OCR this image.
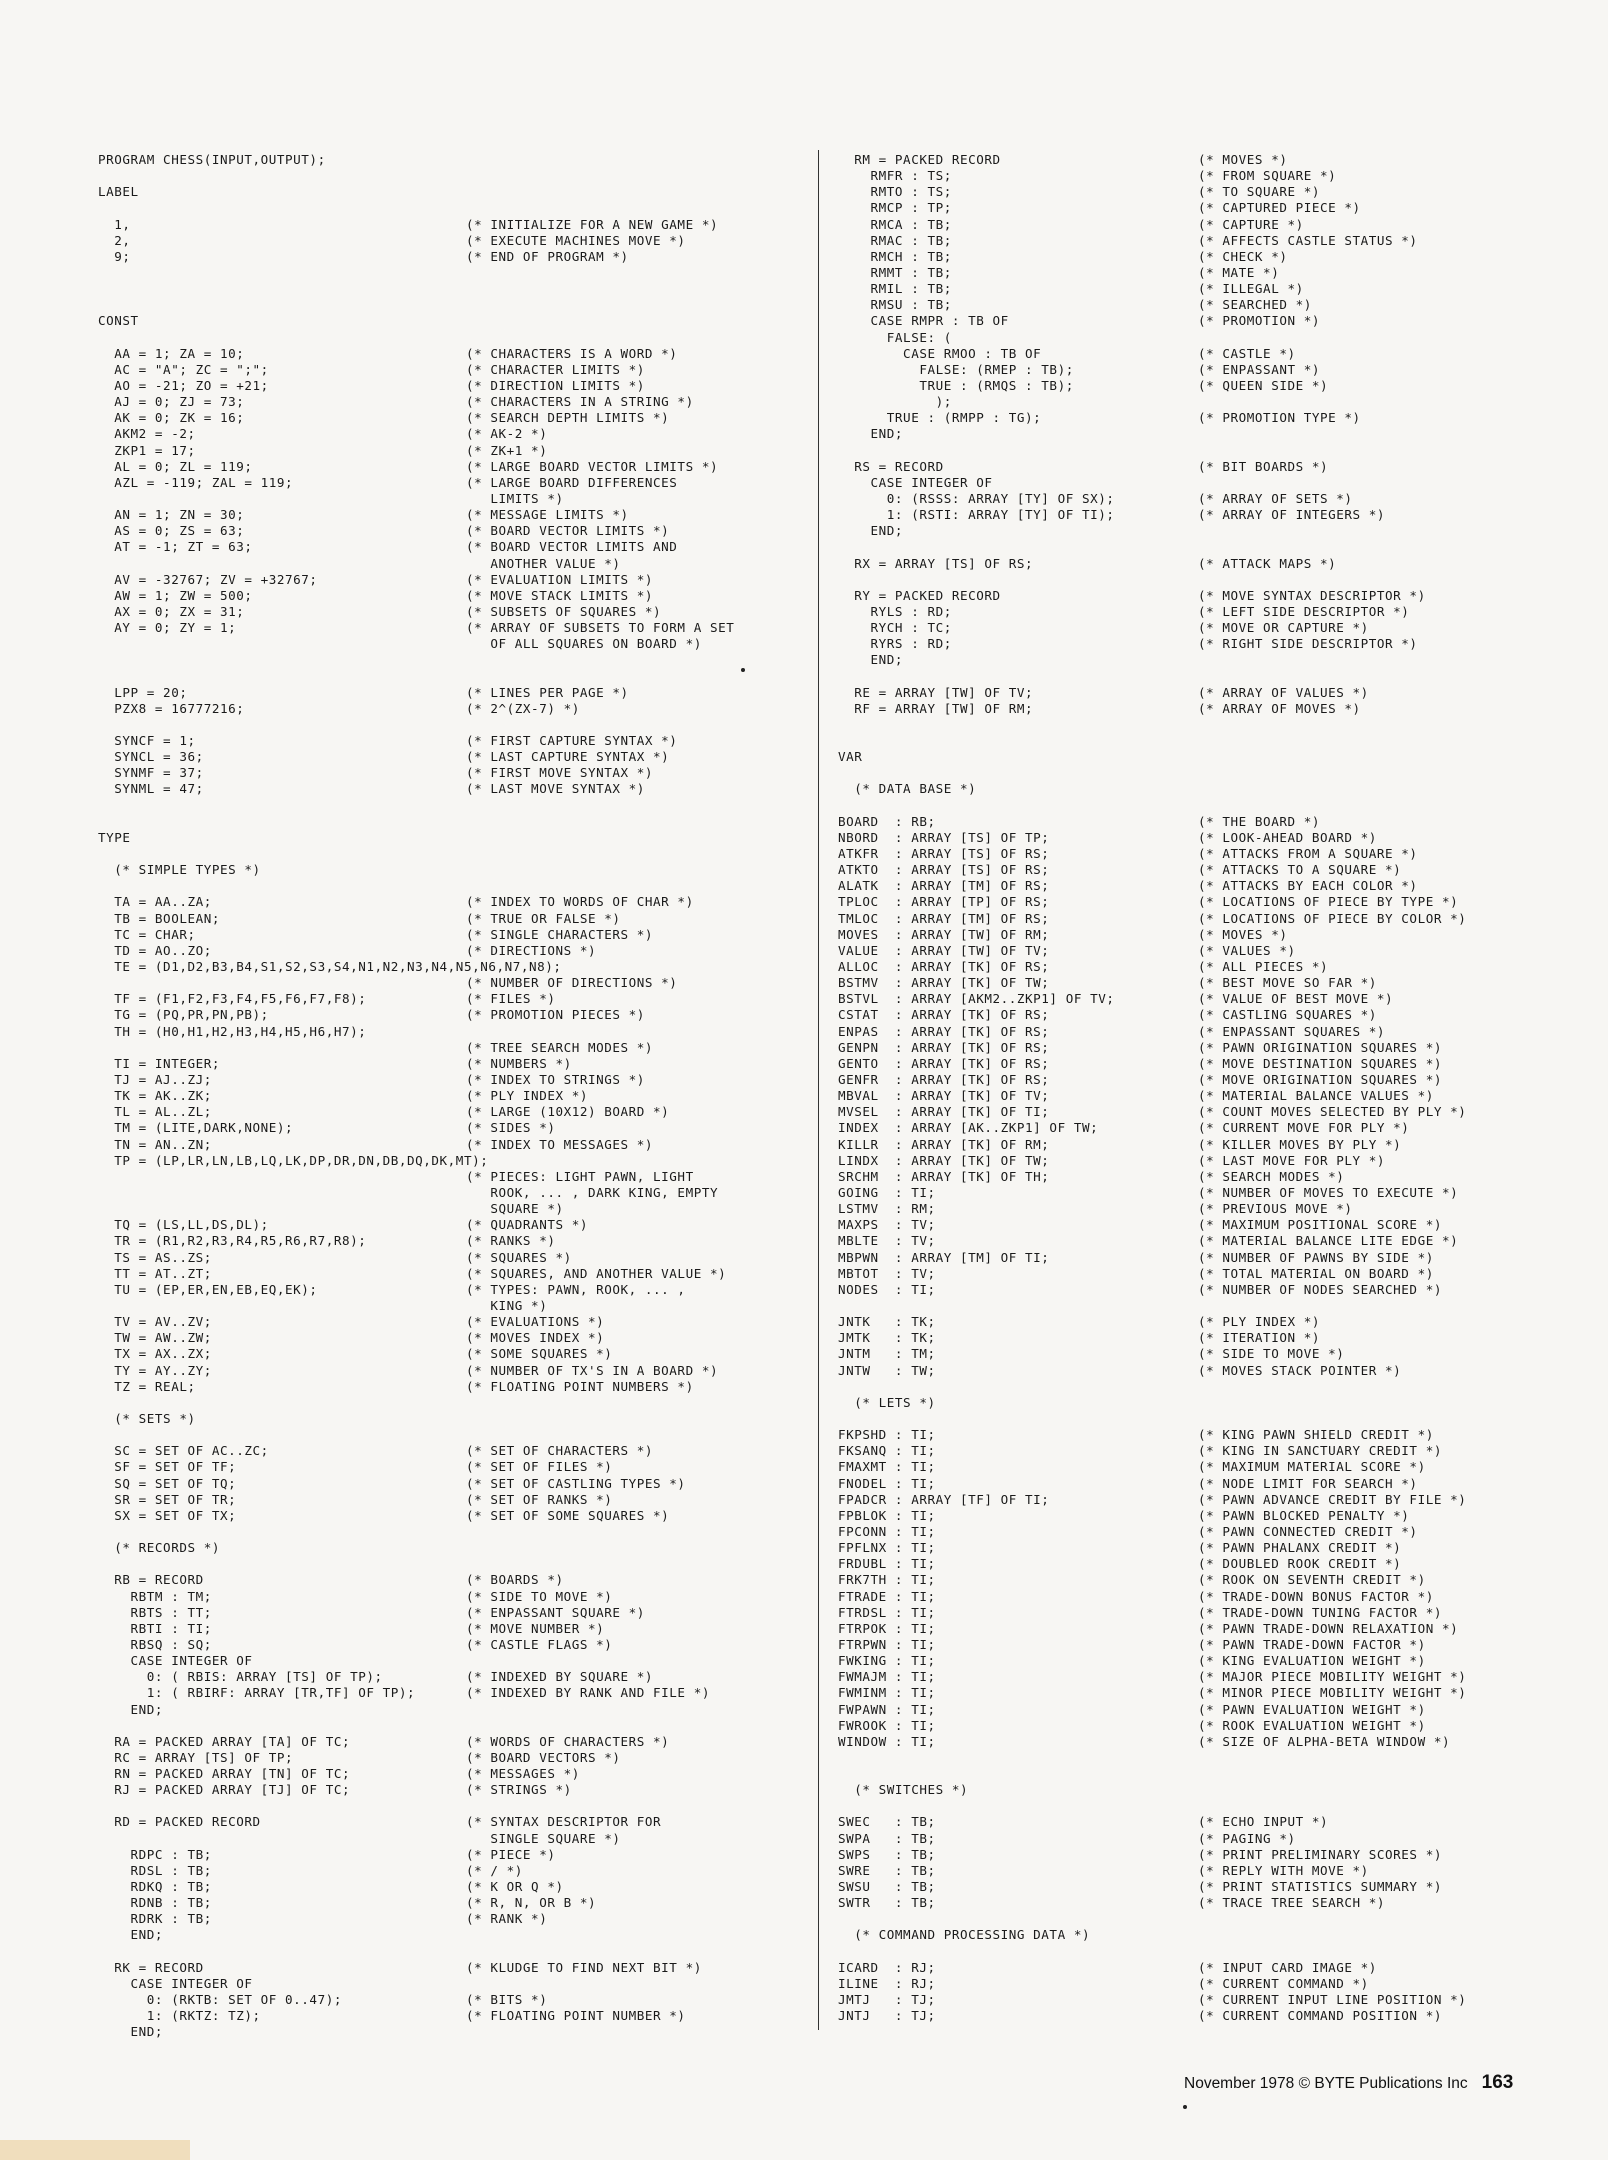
PROGRAM CHESS(INPUT,OUTPUT);
LABEL
1,	(* INITIALIZE FOR A NEW GAME *)
2,	(* EXECUTE MACHINES MOVE *)
9;	(* END OF PROGRAM *)
CONST
AA = 1; ZA = 10;	(* CHARACTERS IS A WORD *)
AC = "A"; ZC = ";";	(* CHARACTER LIMITS *)
AO = -21; ZO = +21;	(* DIRECTION LIMITS *)
AJ = 0; ZJ = 73;	(* CHARACTERS IN A STRING *)
AK = 0; ZK = 16;	(* SEARCH DEPTH LIMITS *)
AKM2 = -2;	(* AK-2 *)
ZKP1 = 17;	(* ZK+1 *)
AL = 0; ZL = 119;	(* LARGE BOARD VECTOR LIMITS *)
AZL = -119; ZAL = 119;	(* LARGE BOARD DIFFERENCES
LIMITS *)
AN = 1; ZN = 30;	(* MESSAGE LIMITS *)
AS = 0; ZS = 63;	(* BOARD VECTOR LIMITS *)
AT = -1; ZT = 63;	(* BOARD VECTOR LIMITS AND
ANOTHER VALUE *)
AV = -32767; ZV = +32767;	(* EVALUATION LIMITS *)
AW = 1; ZW = 500;	(* MOVE STACK LIMITS *)
AX = 0; ZX = 31;	(* SUBSETS OF SQUARES *)
AY = 0; ZY = 1;	(* ARRAY OF SUBSETS TO FORM A SET
OF ALL SQUARES ON BOARD *)
LPP = 20;	(* LINES PER PAGE *)
PZX8 = 16777216;	(* 2^(ZX-7) *)
SYNCF = 1;	(* FIRST CAPTURE SYNTAX *)
SYNCL = 36;	(* LAST CAPTURE SYNTAX *)
SYNMF = 37;	(* FIRST MOVE SYNTAX *)
SYNML = 47;	(* LAST MOVE SYNTAX *)
TYPE
(* SIMPLE TYPES *)
TA = AA..ZA;	(* INDEX TO WORDS OF CHAR *)
TB = BOOLEAN;	(* TRUE OR FALSE *)
TC = CHAR;	(* SINGLE CHARACTERS *)
TD = AO..ZO;	(* DIRECTIONS *)
TE = (D1,D2,B3,B4,S1,S2,S3,S4,N1,N2,N3,N4,N5,N6,N7,N8);
(* NUMBER OF DIRECTIONS *)
TF = (F1,F2,F3,F4,F5,F6,F7,F8);	(* FILES *)
TG = (PQ,PR,PN,PB);	(* PROMOTION PIECES *)
TH = (H0,H1,H2,H3,H4,H5,H6,H7);
(* TREE SEARCH MODES *)
TI = INTEGER;	(* NUMBERS *)
TJ = AJ..ZJ;	(* INDEX TO STRINGS *)
TK = AK..ZK;	(* PLY INDEX *)
TL = AL..ZL;	(* LARGE (10X12) BOARD *)
TM = (LITE,DARK,NONE);	(* SIDES *)
TN = AN..ZN;	(* INDEX TO MESSAGES *)
TP = (LP,LR,LN,LB,LQ,LK,DP,DR,DN,DB,DQ,DK,MT);
(* PIECES: LIGHT PAWN, LIGHT
ROOK, ... , DARK KING, EMPTY
SQUARE *)
TQ = (LS,LL,DS,DL);	(* QUADRANTS *)
TR = (R1,R2,R3,R4,R5,R6,R7,R8);	(* RANKS *)
TS = AS..ZS;	(* SQUARES *)
TT = AT..ZT;	(* SQUARES, AND ANOTHER VALUE *)
TU = (EP,ER,EN,EB,EQ,EK);	(* TYPES: PAWN, ROOK, ... ,
KING *)
TV = AV..ZV;	(* EVALUATIONS *)
TW = AW..ZW;	(* MOVES INDEX *)
TX = AX..ZX;	(* SOME SQUARES *)
TY = AY..ZY;	(* NUMBER OF TX'S IN A BOARD *)
TZ = REAL;	(* FLOATING POINT NUMBERS *)
(* SETS *)
SC = SET OF AC..ZC;	(* SET OF CHARACTERS *)
SF = SET OF TF;	(* SET OF FILES *)
SQ = SET OF TQ;	(* SET OF CASTLING TYPES *)
SR = SET OF TR;	(* SET OF RANKS *)
SX = SET OF TX;	(* SET OF SOME SQUARES *)
(* RECORDS *)
RB = RECORD	(* BOARDS *)
RBTM : TM;	(* SIDE TO MOVE *)
RBTS : TT;	(* ENPASSANT SQUARE *)
RBTI : TI;	(* MOVE NUMBER *)
RBSQ : SQ;	(* CASTLE FLAGS *)
CASE INTEGER OF
0: ( RBIS: ARRAY [TS] OF TP);	(* INDEXED BY SQUARE *)
1: ( RBIRF: ARRAY [TR,TF] OF TP);	(* INDEXED BY RANK AND FILE *)
END;
RA = PACKED ARRAY [TA] OF TC;	(* WORDS OF CHARACTERS *)
RC = ARRAY [TS] OF TP;	(* BOARD VECTORS *)
RN = PACKED ARRAY [TN] OF TC;	(* MESSAGES *)
RJ = PACKED ARRAY [TJ] OF TC;	(* STRINGS *)
RD = PACKED RECORD	(* SYNTAX DESCRIPTOR FOR
SINGLE SQUARE *)
RDPC : TB;	(* PIECE *)
RDSL : TB;	(* / *)
RDKQ : TB;	(* K OR Q *)
RDNB : TB;	(* R, N, OR B *)
RDRK : TB;	(* RANK *)
END;
RK = RECORD	(* KLUDGE TO FIND NEXT BIT *)
CASE INTEGER OF
0: (RKTB: SET OF 0..47);	(* BITS *)
1: (RKTZ: TZ);	(* FLOATING POINT NUMBER *)
END;
RM = PACKED RECORD	(* MOVES *)
RMFR : TS;	(* FROM SQUARE *)
RMTO : TS;	(* TO SQUARE *)
RMCP : TP;	(* CAPTURED PIECE *)
RMCA : TB;	(* CAPTURE *)
RMAC : TB;	(* AFFECTS CASTLE STATUS *)
RMCH : TB;	(* CHECK *)
RMMT : TB;	(* MATE *)
RMIL : TB;	(* ILLEGAL *)
RMSU : TB;	(* SEARCHED *)
CASE RMPR : TB OF	(* PROMOTION *)
FALSE: (
CASE RMOO : TB OF	(* CASTLE *)
FALSE: (RMEP : TB);	(* ENPASSANT *)
TRUE : (RMQS : TB);	(* QUEEN SIDE *)
);
TRUE : (RMPP : TG);	(* PROMOTION TYPE *)
END;
RS = RECORD	(* BIT BOARDS *)
CASE INTEGER OF
0: (RSSS: ARRAY [TY] OF SX);	(* ARRAY OF SETS *)
1: (RSTI: ARRAY [TY] OF TI);	(* ARRAY OF INTEGERS *)
END;
RX = ARRAY [TS] OF RS;	(* ATTACK MAPS *)
RY = PACKED RECORD	(* MOVE SYNTAX DESCRIPTOR *)
RYLS : RD;	(* LEFT SIDE DESCRIPTOR *)
RYCH : TC;	(* MOVE OR CAPTURE *)
RYRS : RD;	(* RIGHT SIDE DESCRIPTOR *)
END;
RE = ARRAY [TW] OF TV;	(* ARRAY OF VALUES *)
RF = ARRAY [TW] OF RM;	(* ARRAY OF MOVES *)
VAR
(* DATA BASE *)
BOARD  : RB;	(* THE BOARD *)
NBORD  : ARRAY [TS] OF TP;	(* LOOK-AHEAD BOARD *)
ATKFR  : ARRAY [TS] OF RS;	(* ATTACKS FROM A SQUARE *)
ATKTO  : ARRAY [TS] OF RS;	(* ATTACKS TO A SQUARE *)
ALATK  : ARRAY [TM] OF RS;	(* ATTACKS BY EACH COLOR *)
TPLOC  : ARRAY [TP] OF RS;	(* LOCATIONS OF PIECE BY TYPE *)
TMLOC  : ARRAY [TM] OF RS;	(* LOCATIONS OF PIECE BY COLOR *)
MOVES  : ARRAY [TW] OF RM;	(* MOVES *)
VALUE  : ARRAY [TW] OF TV;	(* VALUES *)
ALLOC  : ARRAY [TK] OF RS;	(* ALL PIECES *)
BSTMV  : ARRAY [TK] OF TW;	(* BEST MOVE SO FAR *)
BSTVL  : ARRAY [AKM2..ZKP1] OF TV;	(* VALUE OF BEST MOVE *)
CSTAT  : ARRAY [TK] OF RS;	(* CASTLING SQUARES *)
ENPAS  : ARRAY [TK] OF RS;	(* ENPASSANT SQUARES *)
GENPN  : ARRAY [TK] OF RS;	(* PAWN ORIGINATION SQUARES *)
GENTO  : ARRAY [TK] OF RS;	(* MOVE DESTINATION SQUARES *)
GENFR  : ARRAY [TK] OF RS;	(* MOVE ORIGINATION SQUARES *)
MBVAL  : ARRAY [TK] OF TV;	(* MATERIAL BALANCE VALUES *)
MVSEL  : ARRAY [TK] OF TI;	(* COUNT MOVES SELECTED BY PLY *)
INDEX  : ARRAY [AK..ZKP1] OF TW;	(* CURRENT MOVE FOR PLY *)
KILLR  : ARRAY [TK] OF RM;	(* KILLER MOVES BY PLY *)
LINDX  : ARRAY [TK] OF TW;	(* LAST MOVE FOR PLY *)
SRCHM  : ARRAY [TK] OF TH;	(* SEARCH MODES *)
GOING  : TI;	(* NUMBER OF MOVES TO EXECUTE *)
LSTMV  : RM;	(* PREVIOUS MOVE *)
MAXPS  : TV;	(* MAXIMUM POSITIONAL SCORE *)
MBLTE  : TV;	(* MATERIAL BALANCE LITE EDGE *)
MBPWN  : ARRAY [TM] OF TI;	(* NUMBER OF PAWNS BY SIDE *)
MBTOT  : TV;	(* TOTAL MATERIAL ON BOARD *)
NODES  : TI;	(* NUMBER OF NODES SEARCHED *)
JNTK   : TK;	(* PLY INDEX *)
JMTK   : TK;	(* ITERATION *)
JNTM   : TM;	(* SIDE TO MOVE *)
JNTW   : TW;	(* MOVES STACK POINTER *)
(* LETS *)
FKPSHD : TI;	(* KING PAWN SHIELD CREDIT *)
FKSANQ : TI;	(* KING IN SANCTUARY CREDIT *)
FMAXMT : TI;	(* MAXIMUM MATERIAL SCORE *)
FNODEL : TI;	(* NODE LIMIT FOR SEARCH *)
FPADCR : ARRAY [TF] OF TI;	(* PAWN ADVANCE CREDIT BY FILE *)
FPBLOK : TI;	(* PAWN BLOCKED PENALTY *)
FPCONN : TI;	(* PAWN CONNECTED CREDIT *)
FPFLNX : TI;	(* PAWN PHALANX CREDIT *)
FRDUBL : TI;	(* DOUBLED ROOK CREDIT *)
FRK7TH : TI;	(* ROOK ON SEVENTH CREDIT *)
FTRADE : TI;	(* TRADE-DOWN BONUS FACTOR *)
FTRDSL : TI;	(* TRADE-DOWN TUNING FACTOR *)
FTRPOK : TI;	(* PAWN TRADE-DOWN RELAXATION *)
FTRPWN : TI;	(* PAWN TRADE-DOWN FACTOR *)
FWKING : TI;	(* KING EVALUATION WEIGHT *)
FWMAJM : TI;	(* MAJOR PIECE MOBILITY WEIGHT *)
FWMINM : TI;	(* MINOR PIECE MOBILITY WEIGHT *)
FWPAWN : TI;	(* PAWN EVALUATION WEIGHT *)
FWROOK : TI;	(* ROOK EVALUATION WEIGHT *)
WINDOW : TI;	(* SIZE OF ALPHA-BETA WINDOW *)
(* SWITCHES *)
SWEC   : TB;	(* ECHO INPUT *)
SWPA   : TB;	(* PAGING *)
SWPS   : TB;	(* PRINT PRELIMINARY SCORES *)
SWRE   : TB;	(* REPLY WITH MOVE *)
SWSU   : TB;	(* PRINT STATISTICS SUMMARY *)
SWTR   : TB;	(* TRACE TREE SEARCH *)
(* COMMAND PROCESSING DATA *)
ICARD  : RJ;	(* INPUT CARD IMAGE *)
ILINE  : RJ;	(* CURRENT COMMAND *)
JMTJ   : TJ;	(* CURRENT INPUT LINE POSITION *)
JNTJ   : TJ;	(* CURRENT COMMAND POSITION *)
November 1978 © BYTE Publications Inc 163
